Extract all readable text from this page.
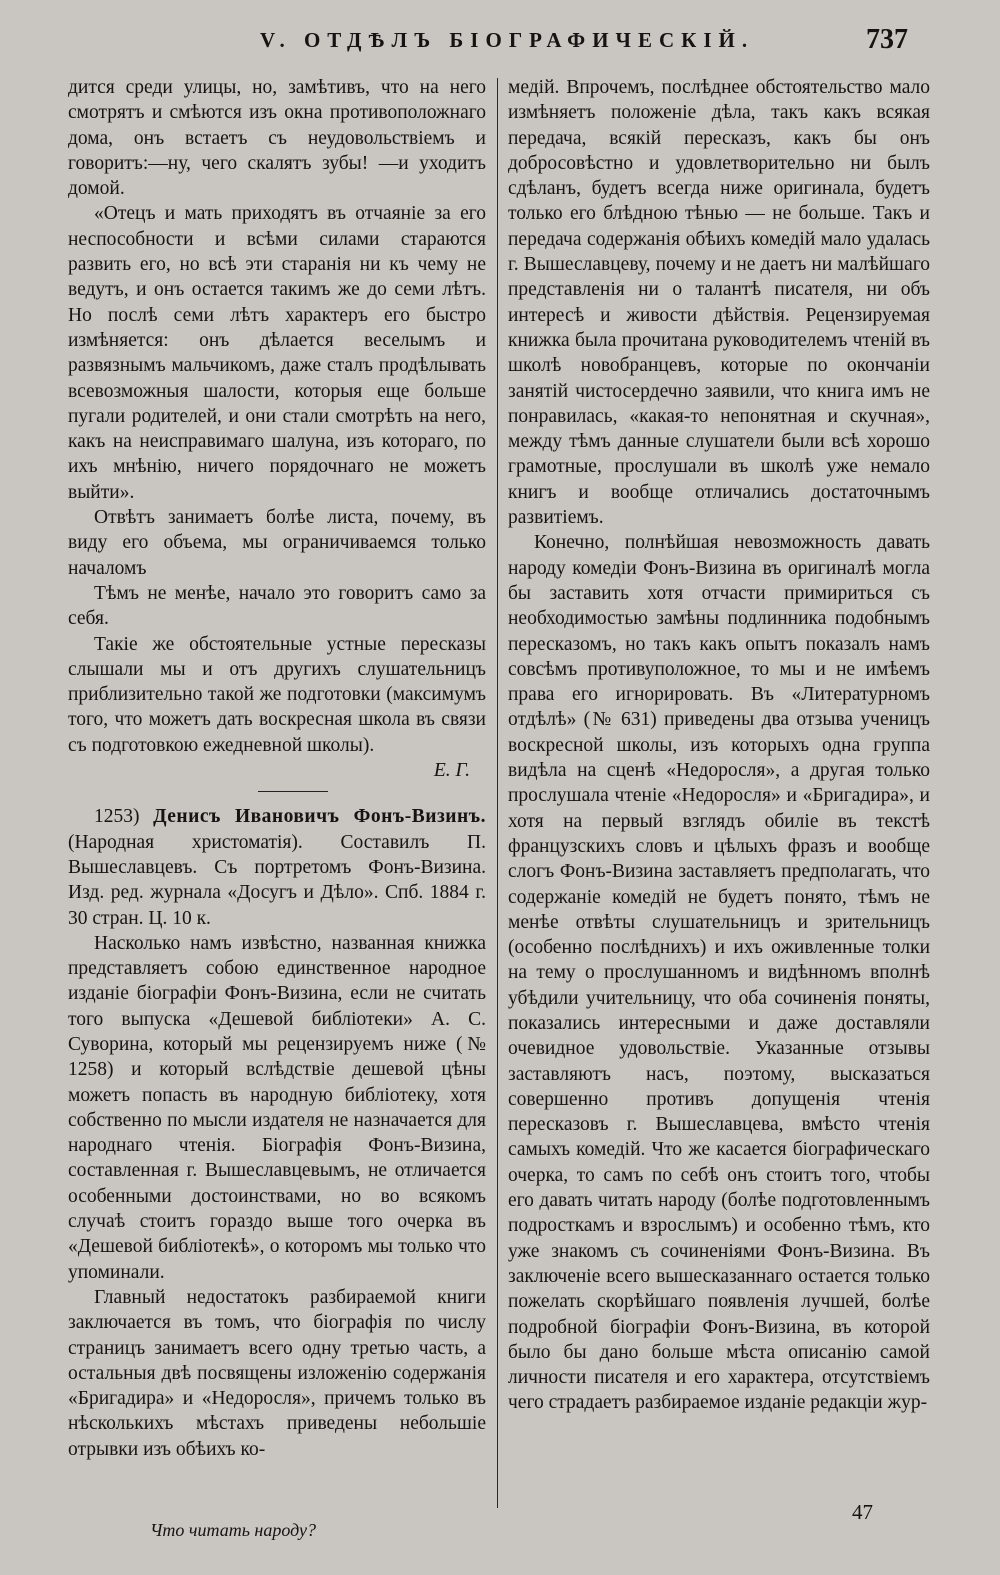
V. ОТДѢЛЪ БІОГРАФИЧЕСКІЙ.	737

дится среди улицы, но, замѣтивъ, что на него смотрятъ и смѣются изъ окна противоположнаго дома, онъ встаетъ съ неудовольствіемъ и говоритъ:—ну, чего скалятъ зубы! —и уходитъ домой.

«Отецъ и мать приходятъ въ отчаяніе за его неспособности и всѣми силами стараются развить его, но всѣ эти старанія ни къ чему не ведутъ, и онъ остается такимъ же до семи лѣтъ. Но послѣ семи лѣтъ характеръ его быстро измѣняется: онъ дѣлается веселымъ и развязнымъ мальчикомъ, даже сталъ продѣлывать всевозможныя шалости, которыя еще больше пугали родителей, и они стали смотрѣть на него, какъ на неисправимаго шалуна, изъ котораго, по ихъ мнѣнію, ничего порядочнаго не можетъ выйти».

Отвѣтъ занимаетъ болѣе листа, почему, въ виду его объема, мы ограничиваемся только началомъ

Тѣмъ не менѣе, начало это говоритъ само за себя.

Такіе же обстоятельные устные пересказы слышали мы и отъ другихъ слушательницъ приблизительно такой же подготовки (максимумъ того, что можетъ дать воскресная школа въ связи съ подготовкою ежедневной школы).

Е. Г.

1253) Денисъ Ивановичъ Фонъ-Визинъ. (Народная христоматія). Составилъ П. Вышеславцевъ. Съ портретомъ Фонъ-Визина. Изд. ред. журнала «Досугъ и Дѣло». Спб. 1884 г. 30 стран. Ц. 10 к.

Насколько намъ извѣстно, названная книжка представляетъ собою единственное народное изданіе біографіи Фонъ-Визина, если не считать того выпуска «Дешевой библіотеки» А. С. Суворина, который мы рецензируемъ ниже (№ 1258) и который вслѣдствіе дешевой цѣны можетъ попасть въ народную библіотеку, хотя собственно по мысли издателя не назначается для народнаго чтенія. Біографія Фонъ-Визина, составленная г. Вышеславцевымъ, не отличается особенными достоинствами, но во всякомъ случаѣ стоитъ гораздо выше того очерка въ «Дешевой библіотекѣ», о которомъ мы только что упоминали.

Главный недостатокъ разбираемой книги заключается въ томъ, что біографія по числу страницъ занимаетъ всего одну третью часть, а остальныя двѣ посвящены изложенію содержанія «Бригадира» и «Недоросля», причемъ только въ нѣсколькихъ мѣстахъ приведены небольшіе отрывки изъ обѣихъ ко-

медій. Впрочемъ, послѣднее обстоятельство мало измѣняетъ положеніе дѣла, такъ какъ всякая передача, всякій пересказъ, какъ бы онъ добросовѣстно и удовлетворительно ни былъ сдѣланъ, будетъ всегда ниже оригинала, будетъ только его блѣдною тѣнью — не больше. Такъ и передача содержанія обѣихъ комедій мало удалась г. Вышеславцеву, почему и не даетъ ни малѣйшаго представленія ни о талантѣ писателя, ни объ интересѣ и живости дѣйствія. Рецензируемая книжка была прочитана руководителемъ чтеній въ школѣ новобранцевъ, которые по окончаніи занятій чистосердечно заявили, что книга имъ не понравилась, «какая-то непонятная и скучная», между тѣмъ данные слушатели были всѣ хорошо грамотные, прослушали въ школѣ уже немало книгъ и вообще отличались достаточнымъ развитіемъ.

Конечно, полнѣйшая невозможность давать народу комедіи Фонъ-Визина въ оригиналѣ могла бы заставить хотя отчасти примириться съ необходимостью замѣны подлинника подобнымъ пересказомъ, но такъ какъ опытъ показалъ намъ совсѣмъ противуположное, то мы и не имѣемъ права его игнорировать. Въ «Литературномъ отдѣлѣ» (№ 631) приведены два отзыва ученицъ воскресной школы, изъ которыхъ одна группа видѣла на сценѣ «Недоросля», а другая только прослушала чтеніе «Недоросля» и «Бригадира», и хотя на первый взглядъ обиліе въ текстѣ французскихъ словъ и цѣлыхъ фразъ и вообще слогъ Фонъ-Визина заставляетъ предполагать, что содержаніе комедій не будетъ понято, тѣмъ не менѣе отвѣты слушательницъ и зрительницъ (особенно послѣднихъ) и ихъ оживленные толки на тему о прослушанномъ и видѣнномъ вполнѣ убѣдили учительницу, что оба сочиненія поняты, показались интересными и даже доставляли очевидное удовольствіе. Указанные отзывы заставляютъ насъ, поэтому, высказаться совершенно противъ допущенія чтенія пересказовъ г. Вышеславцева, вмѣсто чтенія самыхъ комедій. Что же касается біографическаго очерка, то самъ по себѣ онъ стоитъ того, чтобы его давать читать народу (болѣе подготовленнымъ подросткамъ и взрослымъ) и особенно тѣмъ, кто уже знакомъ съ сочиненіями Фонъ-Визина. Въ заключеніе всего вышесказаннаго остается только пожелать скорѣйшаго появленія лучшей, болѣе подробной біографіи Фонъ-Визина, въ которой было бы дано больше мѣста описанію самой личности писателя и его характера, отсутствіемъ чего страдаетъ разбираемое изданіе редакціи жур-

Что читать народу?
47
